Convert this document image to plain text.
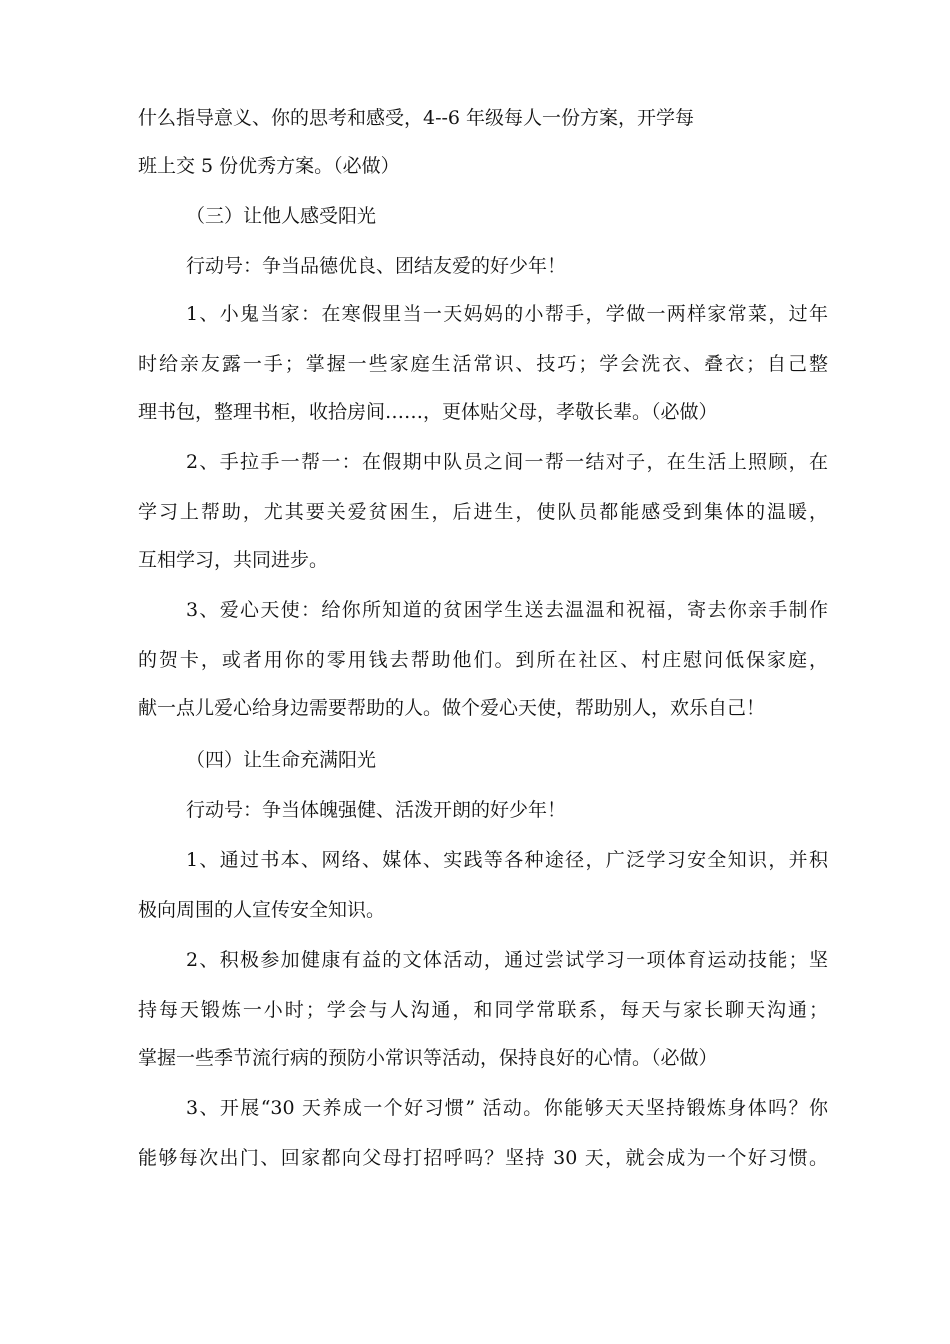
什么指导意义、你的思考和感受，4--6 年级每人一份方案，开学每
班上交 5 份优秀方案。（必做）
（三）让他人感受阳光
行动号：争当品德优良、团结友爱的好少年！
1、小鬼当家：在寒假里当一天妈妈的小帮手，学做一两样家常菜，过年
时给亲友露一手；掌握一些家庭生活常识、技巧；学会洗衣、叠衣；自己整
理书包，整理书柜，收拾房间……，更体贴父母，孝敬长辈。（必做）
2、手拉手一帮一：在假期中队员之间一帮一结对子，在生活上照顾，在
学习上帮助，尤其要关爱贫困生，后进生，使队员都能感受到集体的温暖，
互相学习，共同进步。
3、爱心天使：给你所知道的贫困学生送去温温和祝福，寄去你亲手制作
的贺卡，或者用你的零用钱去帮助他们。到所在社区、村庄慰问低保家庭，
献一点儿爱心给身边需要帮助的人。做个爱心天使，帮助别人，欢乐自己！
（四）让生命充满阳光
行动号：争当体魄强健、活泼开朗的好少年！
1、通过书本、网络、媒体、实践等各种途径，广泛学习安全知识，并积
极向周围的人宣传安全知识。
2、积极参加健康有益的文体活动，通过尝试学习一项体育运动技能；坚
持每天锻炼一小时；学会与人沟通，和同学常联系，每天与家长聊天沟通；
掌握一些季节流行病的预防小常识等活动，保持良好的心情。（必做）
3、开展“30 天养成一个好习惯” 活动。你能够天天坚持锻炼身体吗？你
能够每次出门、回家都向父母打招呼吗？坚持 30 天，就会成为一个好习惯。
